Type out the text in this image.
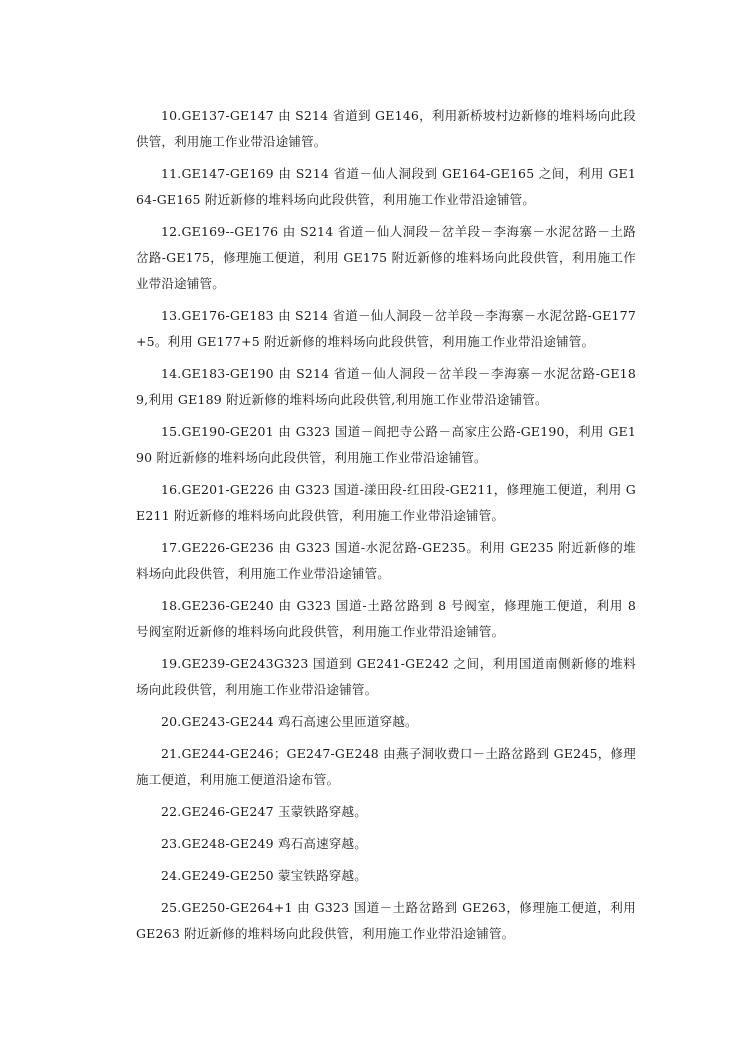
10.GE137-GE147 由 S214 省道到 GE146，利用新桥坡村边新修的堆料场向此段供管，利用施工作业带沿途铺管。

11.GE147-GE169 由 S214 省道－仙人洞段到 GE164-GE165 之间，利用 GE164-GE165 附近新修的堆料场向此段供管，利用施工作业带沿途铺管。

12.GE169--GE176 由 S214 省道－仙人洞段－岔羊段－李海寨－水泥岔路－土路岔路-GE175，修理施工便道，利用 GE175 附近新修的堆料场向此段供管，利用施工作业带沿途铺管。

13.GE176-GE183 由 S214 省道－仙人洞段－岔羊段－李海寨－水泥岔路-GE177+5。利用 GE177+5 附近新修的堆料场向此段供管，利用施工作业带沿途铺管。

14.GE183-GE190 由 S214 省道－仙人洞段－岔羊段－李海寨－水泥岔路-GE189,利用 GE189 附近新修的堆料场向此段供管,利用施工作业带沿途铺管。

15.GE190-GE201 由 G323 国道－阎把寺公路－高家庄公路-GE190，利用 GE190 附近新修的堆料场向此段供管，利用施工作业带沿途铺管。

16.GE201-GE226 由 G323 国道-漾田段-红田段-GE211，修理施工便道，利用 GE211 附近新修的堆料场向此段供管，利用施工作业带沿途铺管。

17.GE226-GE236 由 G323 国道-水泥岔路-GE235。利用 GE235 附近新修的堆料场向此段供管，利用施工作业带沿途铺管。

18.GE236-GE240 由 G323 国道-土路岔路到 8 号阀室，修理施工便道，利用 8 号阀室附近新修的堆料场向此段供管，利用施工作业带沿途铺管。

19.GE239-GE243G323 国道到 GE241-GE242 之间，利用国道南侧新修的堆料场向此段供管，利用施工作业带沿途铺管。

20.GE243-GE244 鸡石高速公里匝道穿越。

21.GE244-GE246；GE247-GE248 由燕子洞收费口－土路岔路到 GE245，修理施工便道，利用施工便道沿途布管。

22.GE246-GE247 玉蒙铁路穿越。

23.GE248-GE249 鸡石高速穿越。

24.GE249-GE250 蒙宝铁路穿越。

25.GE250-GE264+1 由 G323 国道－土路岔路到 GE263，修理施工便道，利用 GE263 附近新修的堆料场向此段供管，利用施工作业带沿途铺管。
